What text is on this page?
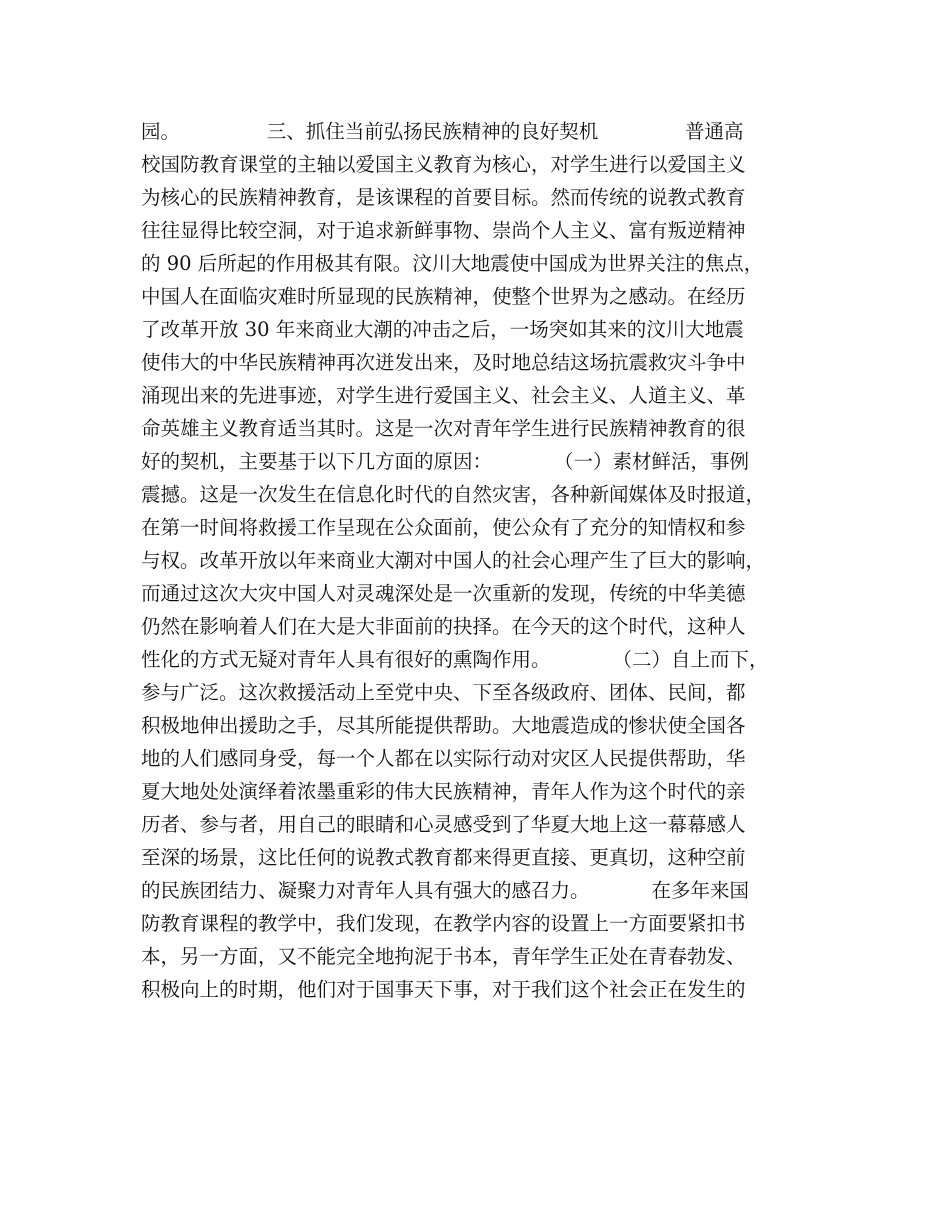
园。              三、抓住当前弘扬民族精神的良好契机              普通高
校国防教育课堂的主轴以爱国主义教育为核心，对学生进行以爱国主义
为核心的民族精神教育，是该课程的首要目标。然而传统的说教式教育
往往显得比较空洞，对于追求新鲜事物、崇尚个人主义、富有叛逆精神
的 90 后所起的作用极其有限。汶川大地震使中国成为世界关注的焦点，
中国人在面临灾难时所显现的民族精神，使整个世界为之感动。在经历
了改革开放 30 年来商业大潮的冲击之后，一场突如其来的汶川大地震
使伟大的中华民族精神再次迸发出来，及时地总结这场抗震救灾斗争中
涌现出来的先进事迹，对学生进行爱国主义、社会主义、人道主义、革
命英雄主义教育适当其时。这是一次对青年学生进行民族精神教育的很
好的契机，主要基于以下几方面的原因：          （一）素材鲜活，事例
震撼。这是一次发生在信息化时代的自然灾害，各种新闻媒体及时报道，
在第一时间将救援工作呈现在公众面前，使公众有了充分的知情权和参
与权。改革开放以年来商业大潮对中国人的社会心理产生了巨大的影响，
而通过这次大灾中国人对灵魂深处是一次重新的发现，传统的中华美德
仍然在影响着人们在大是大非面前的抉择。在今天的这个时代，这种人
性化的方式无疑对青年人具有很好的熏陶作用。          （二）自上而下，
参与广泛。这次救援活动上至党中央、下至各级政府、团体、民间，都
积极地伸出援助之手，尽其所能提供帮助。大地震造成的惨状使全国各
地的人们感同身受，每一个人都在以实际行动对灾区人民提供帮助，华
夏大地处处演绎着浓墨重彩的伟大民族精神，青年人作为这个时代的亲
历者、参与者，用自己的眼睛和心灵感受到了华夏大地上这一幕幕感人
至深的场景，这比任何的说教式教育都来得更直接、更真切，这种空前
的民族团结力、凝聚力对青年人具有强大的感召力。          在多年来国
防教育课程的教学中，我们发现，在教学内容的设置上一方面要紧扣书
本，另一方面，又不能完全地拘泥于书本，青年学生正处在青春勃发、
积极向上的时期，他们对于国事天下事，对于我们这个社会正在发生的
